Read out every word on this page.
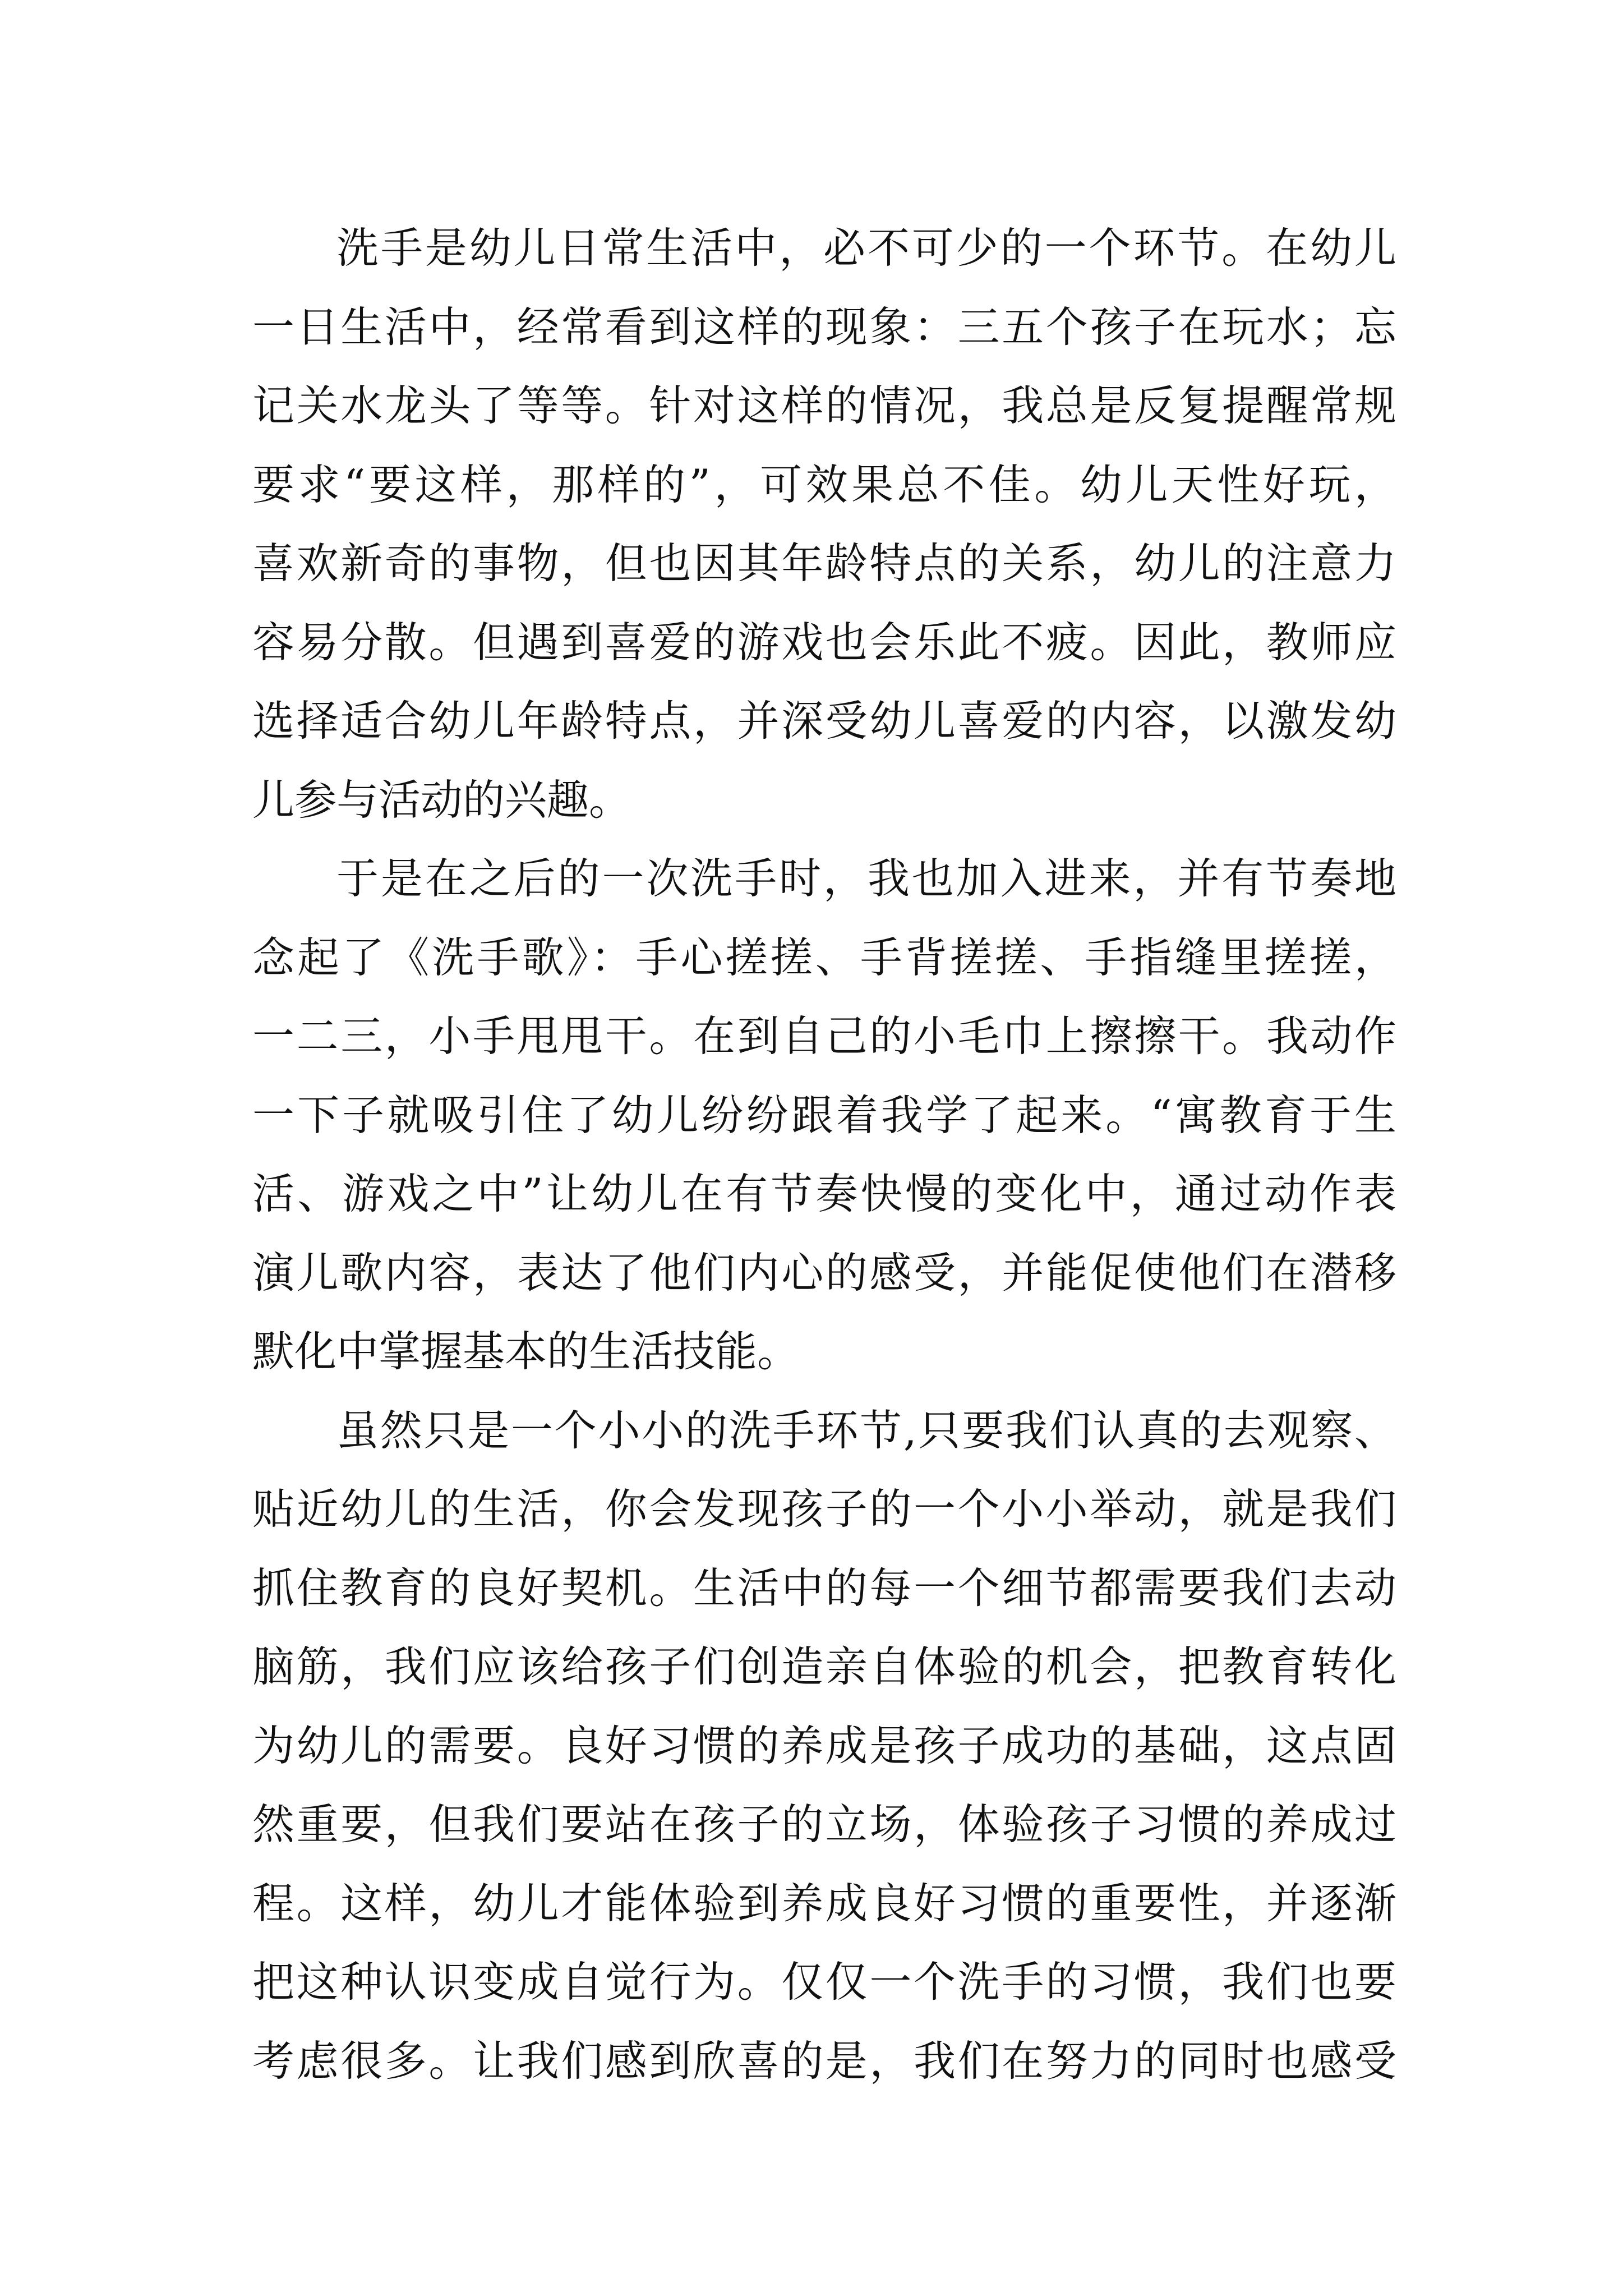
洗手是幼儿日常生活中，必不可少的一个环节。在幼儿
一日生活中，经常看到这样的现象：三五个孩子在玩水；忘
记关水龙头了等等。针对这样的情况，我总是反复提醒常规
要求“要这样，那样的”，可效果总不佳。幼儿天性好玩，
喜欢新奇的事物，但也因其年龄特点的关系，幼儿的注意力
容易分散。但遇到喜爱的游戏也会乐此不疲。因此，教师应
选择适合幼儿年龄特点，并深受幼儿喜爱的内容，以激发幼
儿参与活动的兴趣。
于是在之后的一次洗手时，我也加入进来，并有节奏地
念起了《洗手歌》：手心搓搓、手背搓搓、手指缝里搓搓，
一二三，小手甩甩干。在到自己的小毛巾上擦擦干。我动作
一下子就吸引住了幼儿纷纷跟着我学了起来。“寓教育于生
活、游戏之中”让幼儿在有节奏快慢的变化中，通过动作表
演儿歌内容，表达了他们内心的感受，并能促使他们在潜移
默化中掌握基本的生活技能。
虽然只是一个小小的洗手环节,只要我们认真的去观察、
贴近幼儿的生活，你会发现孩子的一个小小举动，就是我们
抓住教育的良好契机。生活中的每一个细节都需要我们去动
脑筋，我们应该给孩子们创造亲自体验的机会，把教育转化
为幼儿的需要。良好习惯的养成是孩子成功的基础，这点固
然重要，但我们要站在孩子的立场，体验孩子习惯的养成过
程。这样，幼儿才能体验到养成良好习惯的重要性，并逐渐
把这种认识变成自觉行为。仅仅一个洗手的习惯，我们也要
考虑很多。让我们感到欣喜的是，我们在努力的同时也感受
